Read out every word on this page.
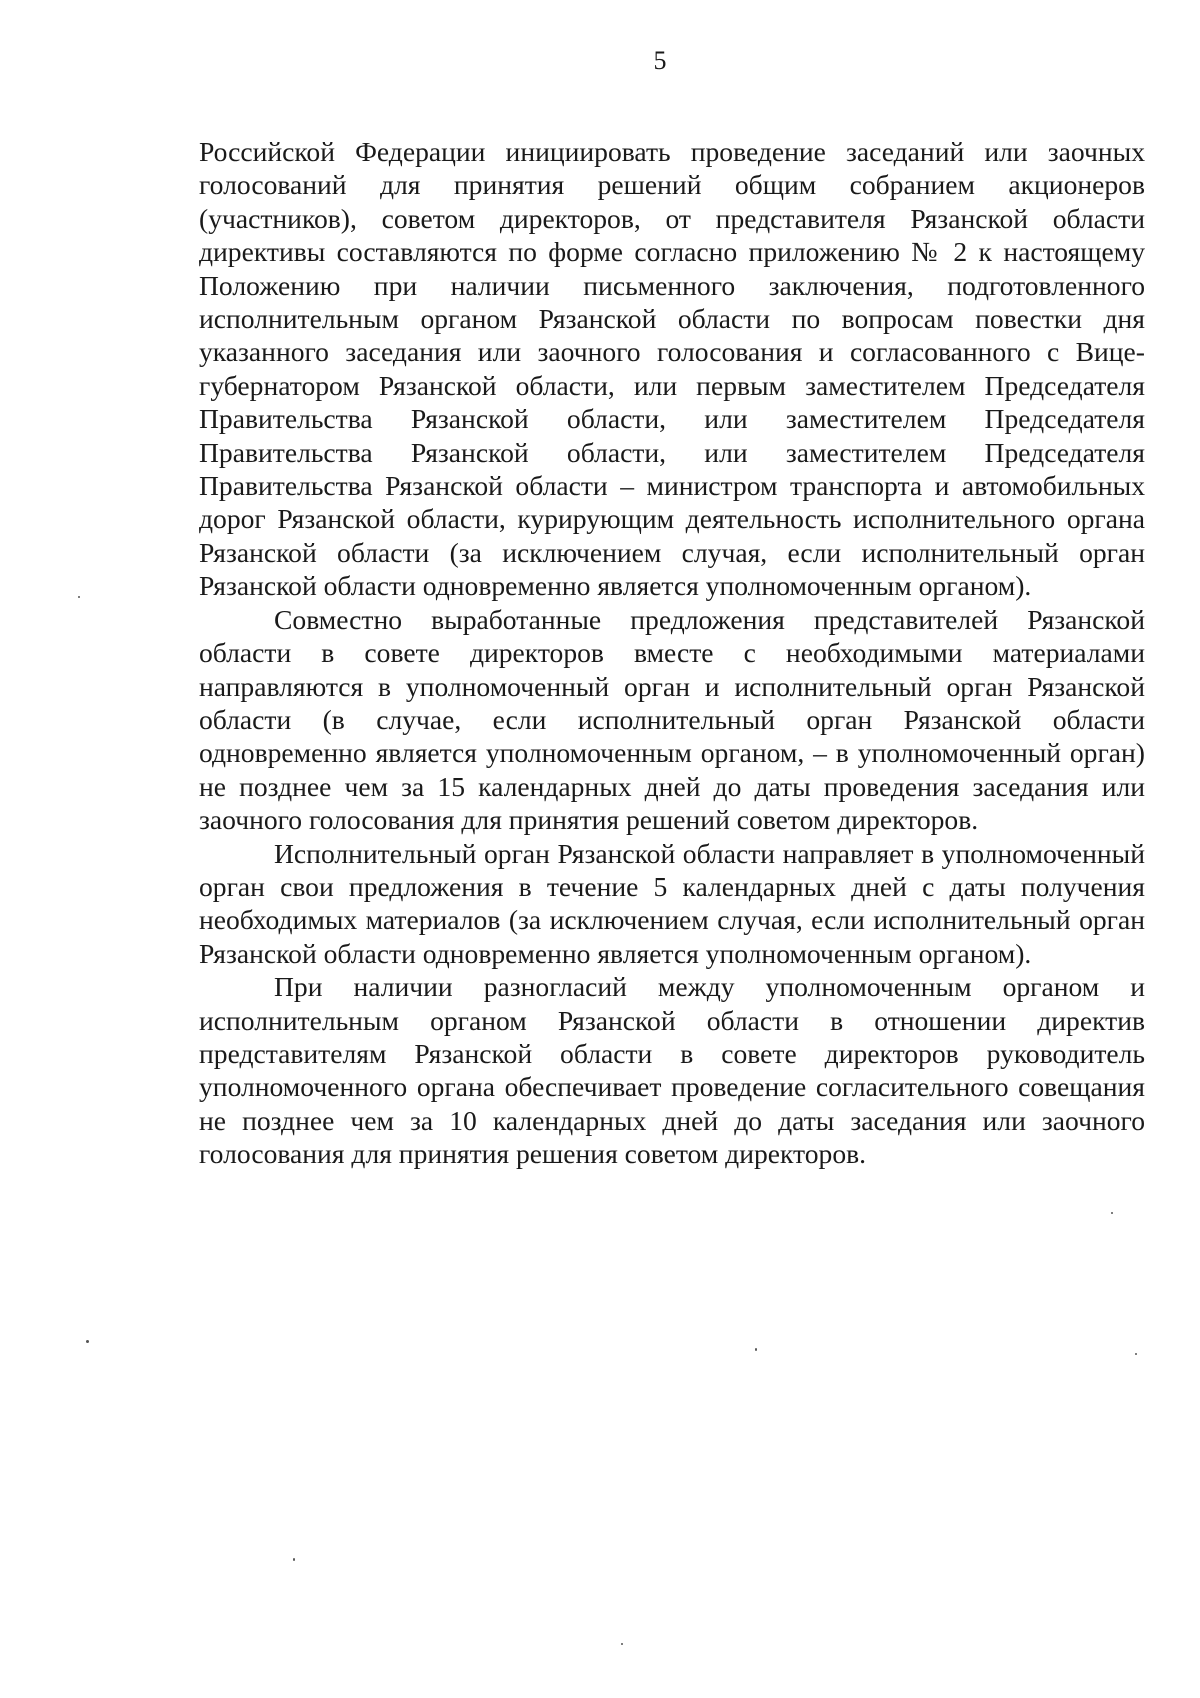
5

Российской Федерации инициировать проведение заседаний или заочных голосований для принятия решений общим собранием акционеров (участников), советом директоров, от представителя Рязанской области директивы составляются по форме согласно приложению № 2 к настоящему Положению при наличии письменного заключения, подготовленного исполнительным органом Рязанской области по вопросам повестки дня указанного заседания или заочного голосования и согласованного с Вице-губернатором Рязанской области, или первым заместителем Председателя Правительства Рязанской области, или заместителем Председателя Правительства Рязанской области, или заместителем Председателя Правительства Рязанской области – министром транспорта и автомобильных дорог Рязанской области, курирующим деятельность исполнительного органа Рязанской области (за исключением случая, если исполнительный орган Рязанской области одновременно является уполномоченным органом).

Совместно выработанные предложения представителей Рязанской области в совете директоров вместе с необходимыми материалами направляются в уполномоченный орган и исполнительный орган Рязанской области (в случае, если исполнительный орган Рязанской области одновременно является уполномоченным органом, – в уполномоченный орган) не позднее чем за 15 календарных дней до даты проведения заседания или заочного голосования для принятия решений советом директоров.

Исполнительный орган Рязанской области направляет в уполномоченный орган свои предложения в течение 5 календарных дней с даты получения необходимых материалов (за исключением случая, если исполнительный орган Рязанской области одновременно является уполномоченным органом).

При наличии разногласий между уполномоченным органом и исполнительным органом Рязанской области в отношении директив представителям Рязанской области в совете директоров руководитель уполномоченного органа обеспечивает проведение согласительного совещания не позднее чем за 10 календарных дней до даты заседания или заочного голосования для принятия решения советом директоров.
